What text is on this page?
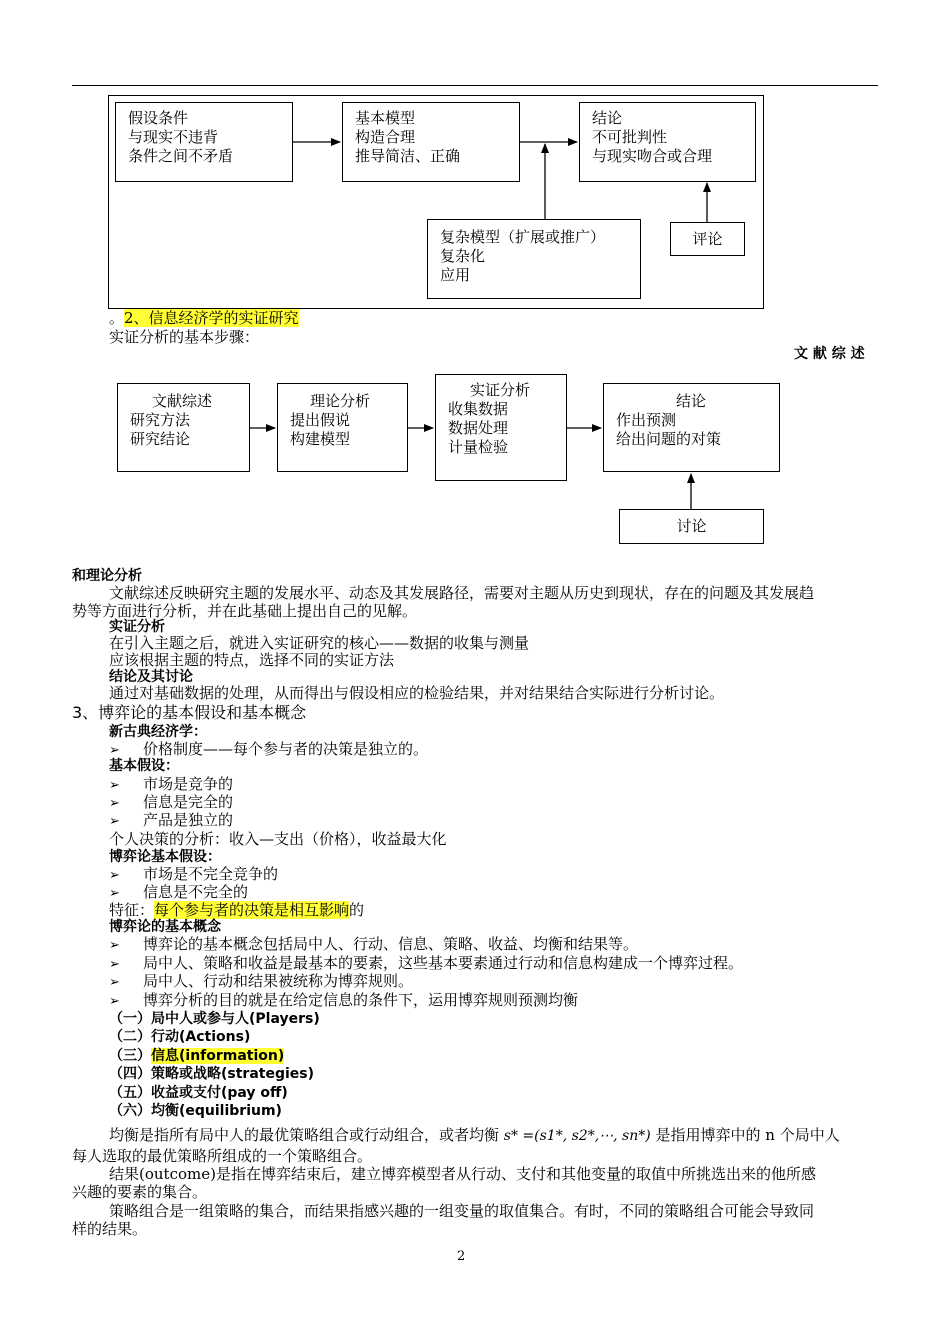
假设条件
与现实不违背
条件之间不矛盾
基本模型
构造合理
推导简洁、正确
结论
不可批判性
与现实吻合或合理
复杂模型（扩展或推广）
复杂化
应用
评论
。2、信息经济学的实证研究
实证分析的基本步骤：
文 献 综 述
文献综述
研究方法
研究结论
理论分析
提出假说
构建模型
实证分析
收集数据
数据处理
计量检验
结论
作出预测
给出问题的对策
讨论
和理论分析
文献综述反映研究主题的发展水平、动态及其发展路径，需要对主题从历史到现状，存在的问题及其发展趋
势等方面进行分析，并在此基础上提出自己的见解。
实证分析
在引入主题之后，就进入实证研究的核心——数据的收集与测量
应该根据主题的特点，选择不同的实证方法
结论及其讨论
通过对基础数据的处理，从而得出与假设相应的检验结果，并对结果结合实际进行分析讨论。
3、博弈论的基本假设和基本概念
新古典经济学：
➢ 价格制度——每个参与者的决策是独立的。
基本假设：
➢ 市场是竞争的
➢ 信息是完全的
➢ 产品是独立的
个人决策的分析：收入—支出（价格），收益最大化
博弈论基本假设：
➢ 市场是不完全竞争的
➢ 信息是不完全的
特征：每个参与者的决策是相互影响的
博弈论的基本概念
➢ 博弈论的基本概念包括局中人、行动、信息、策略、收益、均衡和结果等。
➢ 局中人、策略和收益是最基本的要素，这些基本要素通过行动和信息构建成一个博弈过程。
➢ 局中人、行动和结果被统称为博弈规则。
➢ 博弈分析的目的就是在给定信息的条件下，运用博弈规则预测均衡
（一）局中人或参与人(Players)
（二）行动(Actions)
（三）信息(information)
（四）策略或战略(strategies)
（五）收益或支付(pay off)
（六）均衡(equilibrium)
均衡是指所有局中人的最优策略组合或行动组合，或者均衡 s* =(s1*, s2*,⋯, sn*) 是指用博弈中的 n 个局中人
每人选取的最优策略所组成的一个策略组合。
结果(outcome)是指在博弈结束后，建立博弈模型者从行动、支付和其他变量的取值中所挑选出来的他所感
兴趣的要素的集合。
策略组合是一组策略的集合，而结果指感兴趣的一组变量的取值集合。有时，不同的策略组合可能会导致同
样的结果。
2
